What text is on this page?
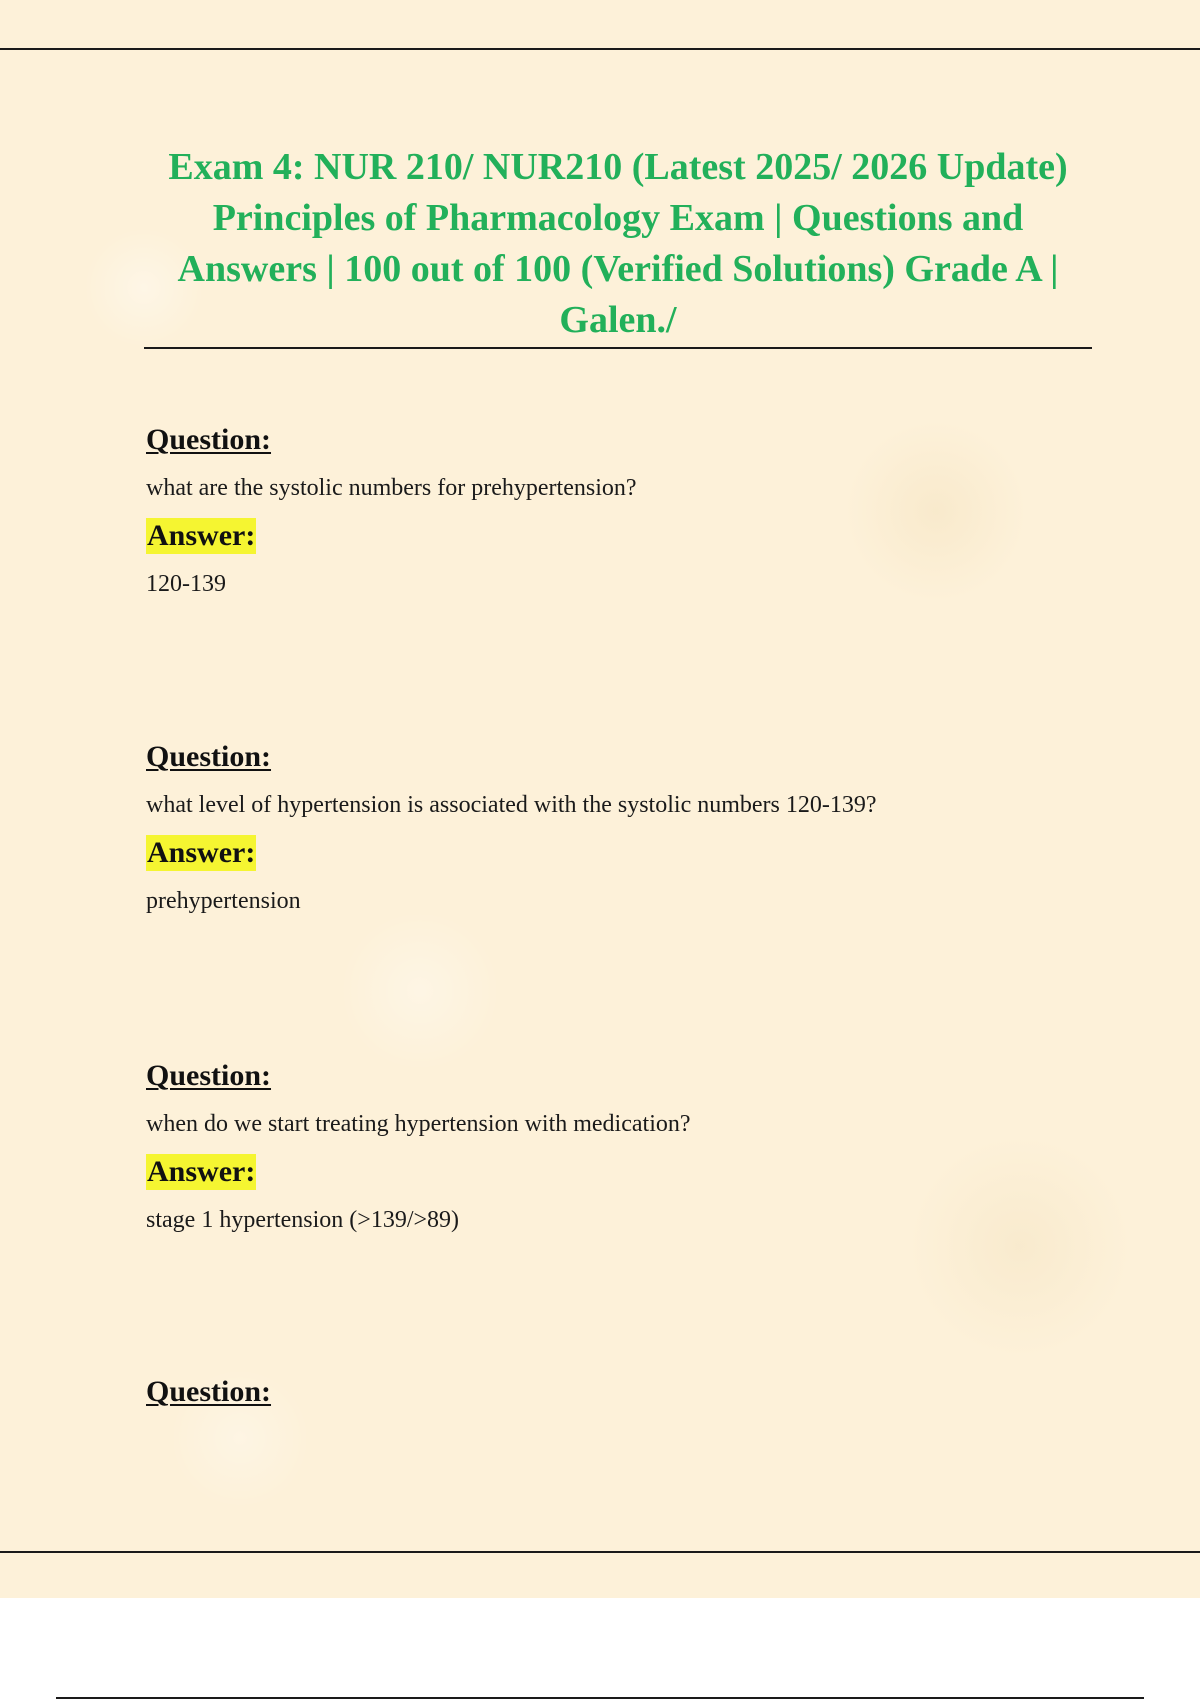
Exam 4: NUR 210/ NUR210 (Latest 2025/ 2026 Update) Principles of Pharmacology Exam | Questions and Answers | 100 out of 100 (Verified Solutions) Grade A | Galen./
Question:
what are the systolic numbers for prehypertension?
Answer:
120-139
Question:
what level of hypertension is associated with the systolic numbers 120-139?
Answer:
prehypertension
Question:
when do we start treating hypertension with medication?
Answer:
stage 1 hypertension (>139/>89)
Question:
